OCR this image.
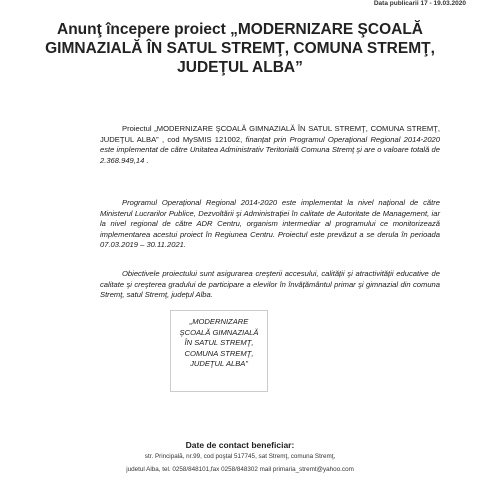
Data publicarii 17 - 19.03.2020
Anunţ începere proiect „MODERNIZARE ŞCOALĂ GIMNAZIALĂ ÎN SATUL STREMŢ, COMUNA STREMŢ, JUDEŢUL ALBA”

Proiectul „MODERNIZARE ŞCOALĂ GIMNAZIALĂ ÎN SATUL STREMŢ, COMUNA STREMŢ, JUDEŢUL ALBA” , cod MySMIS 121002, finanțat prin Programul Operațional Regional 2014-2020 este implementat de către Unitatea Administrativ Teritorială Comuna Stremţ şi are o valoare totală de 2.368.949,14 .

Programul Operațional Regional 2014-2020 este implementat la nivel național de către Ministerul Lucrarilor Publice, Dezvoltării şi Administrației în calitate de Autoritate de Management, iar la nivel regional de către ADR Centru, organism intermediar al programului ce monitorizează implementarea acestui proiect în Regiunea Centru. Proiectul este prevăzut a se derula în perioada 07.03.2019 – 30.11.2021.

Obiectivele proiectului sunt asigurarea creşterii accesului, calității şi atractivității educative de calitate şi creşterea gradului de participare a elevilor în învățământul primar şi gimnazial din comuna Stremţ, satul Stremţ, judeţul Alba.

„MODERNIZARE ŞCOALĂ GIMNAZIALĂ ÎN SATUL STREMŢ, COMUNA STREMŢ, JUDEŢUL ALBA”
Date de contact beneficiar:

str. Principală, nr.99, cod poştal 517745, sat Stremţ, comuna Stremţ,

judetul Alba, tel. 0258/848101,fax 0258/848302 mail primaria_stremt@yahoo.com
